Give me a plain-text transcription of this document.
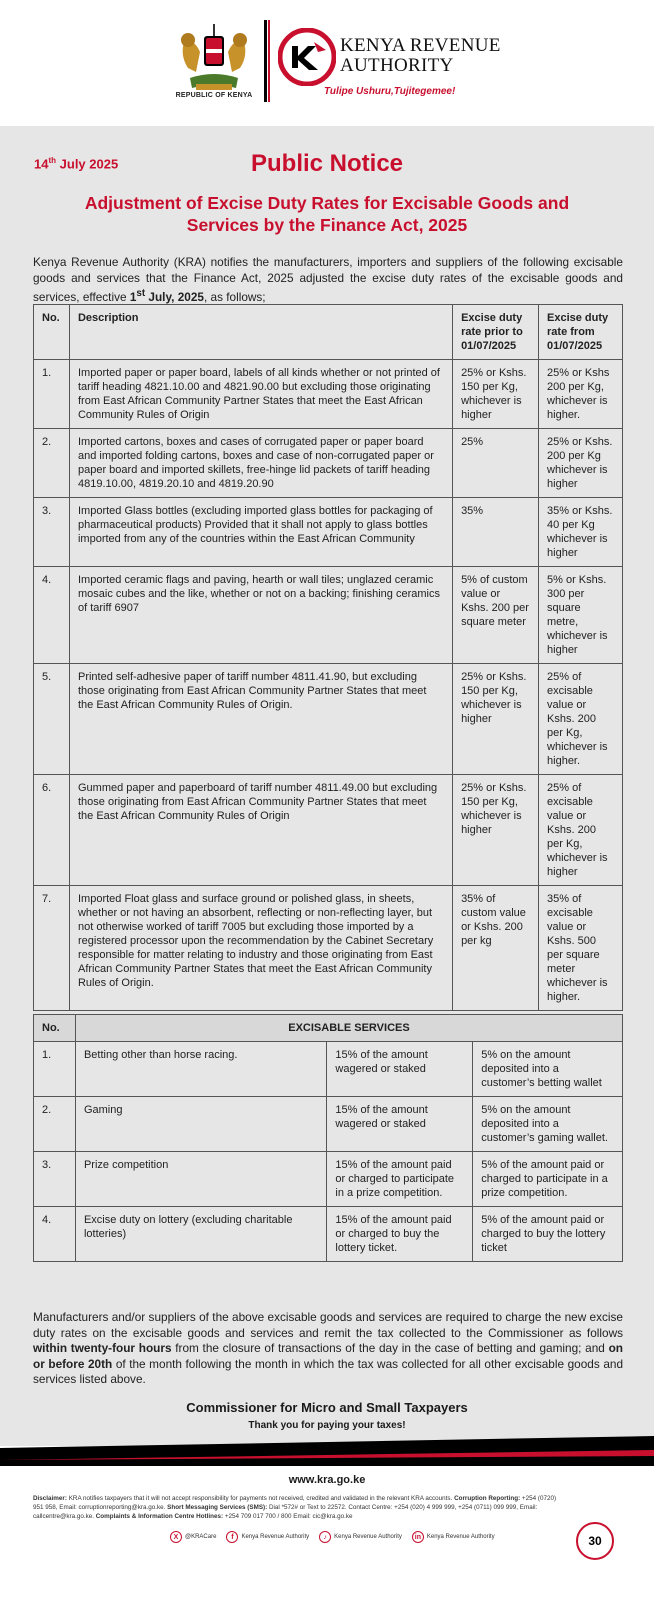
REPUBLIC OF KENYA
KENYA REVENUE
AUTHORITY
Tulipe Ushuru,Tujitegemee!
14th July 2025	Public Notice
Adjustment of Excise Duty Rates for Excisable Goods and Services by the Finance Act, 2025
Kenya Revenue Authority (KRA) notifies the manufacturers, importers and suppliers of the following excisable goods and services that the Finance Act, 2025 adjusted the excise duty rates of the excisable goods and services, effective 1st July, 2025, as follows;
No.	Description	Excise duty rate prior to 01/07/2025	Excise duty rate from 01/07/2025
1.	Imported paper or paper board, labels of all kinds whether or not printed of tariff heading 4821.10.00 and 4821.90.00 but excluding those originating from East African Community Partner States that meet the East African Community Rules of Origin	25% or Kshs. 150 per Kg, whichever is higher	25% or Kshs 200 per Kg, whichever is higher.
2.	Imported cartons, boxes and cases of corrugated paper or paper board and imported folding cartons, boxes and case of non-corrugated paper or paper board and imported skillets, free-hinge lid packets of tariff heading 4819.10.00, 4819.20.10 and 4819.20.90	25%	25% or Kshs. 200 per Kg whichever is higher
3.	Imported Glass bottles (excluding imported glass bottles for packaging of pharmaceutical products) Provided that it shall not apply to glass bottles imported from any of the countries within the East African Community	35%	35% or Kshs. 40 per Kg whichever is higher
4.	Imported ceramic flags and paving, hearth or wall tiles; unglazed ceramic mosaic cubes and the like, whether or not on a backing; finishing ceramics of tariff 6907	5% of custom value or Kshs. 200 per square meter	5% or Kshs. 300 per square metre, whichever is higher
5.	Printed self-adhesive paper of tariff number 4811.41.90, but excluding those originating from East African Community Partner States that meet the East African Community Rules of Origin.	25% or Kshs. 150 per Kg, whichever is higher	25% of excisable value or Kshs. 200 per Kg, whichever is higher.
6.	Gummed paper and paperboard of tariff number 4811.49.00 but excluding those originating from East African Community Partner States that meet the East African Community Rules of Origin	25% or Kshs. 150 per Kg, whichever is higher	25% of excisable value or Kshs. 200 per Kg, whichever is higher
7.	Imported Float glass and surface ground or polished glass, in sheets, whether or not having an absorbent, reflecting or non-reflecting layer, but not otherwise worked of tariff 7005 but excluding those imported by a registered processor upon the recommendation by the Cabinet Secretary responsible for matter relating to industry and those originating from East African Community Partner States that meet the East African Community Rules of Origin.	35% of custom value or Kshs. 200 per kg	35% of excisable value or Kshs. 500 per square meter whichever is higher.
No.	EXCISABLE SERVICES		
1.	Betting other than horse racing.	15% of the amount wagered or staked	5% on the amount deposited into a customer’s betting wallet
2.	Gaming	15% of the amount wagered or staked	5% on the amount deposited into a customer’s gaming wallet.
3.	Prize competition	15% of the amount paid or charged to participate in a prize competition.	5% of the amount paid or charged to participate in a prize competition.
4.	Excise duty on lottery (excluding charitable lotteries)	15% of the amount paid or charged to buy the lottery ticket.	5% of the amount paid or charged to buy the lottery ticket
Manufacturers and/or suppliers of the above excisable goods and services are required to charge the new excise duty rates on the excisable goods and services and remit the tax collected to the Commissioner as follows within twenty-four hours from the closure of transactions of the day in the case of betting and gaming; and on or before 20th of the month following the month in which the tax was collected for all other excisable goods and services listed above.
Commissioner for Micro and Small Taxpayers
Thank you for paying your taxes!
www.kra.go.ke
Disclaimer: KRA notifies taxpayers that it will not accept responsibility for payments not received, credited and validated in the relevant KRA accounts. Corruption Reporting: +254 (0720) 951 958, Email: corruptionreporting@kra.go.ke. Short Messaging Services (SMS): Dial *572# or Text to 22572. Contact Centre: +254 (020) 4 999 999, +254 (0711) 099 999, Email: callcentre@kra.go.ke. Complaints & Information Centre Hotlines: +254 709 017 700 / 800 Email: cic@kra.go.ke
X	@KRACare	f	Kenya Revenue Authority	♪	Kenya Revenue Authority	in Kenya Revenue Authority	30
